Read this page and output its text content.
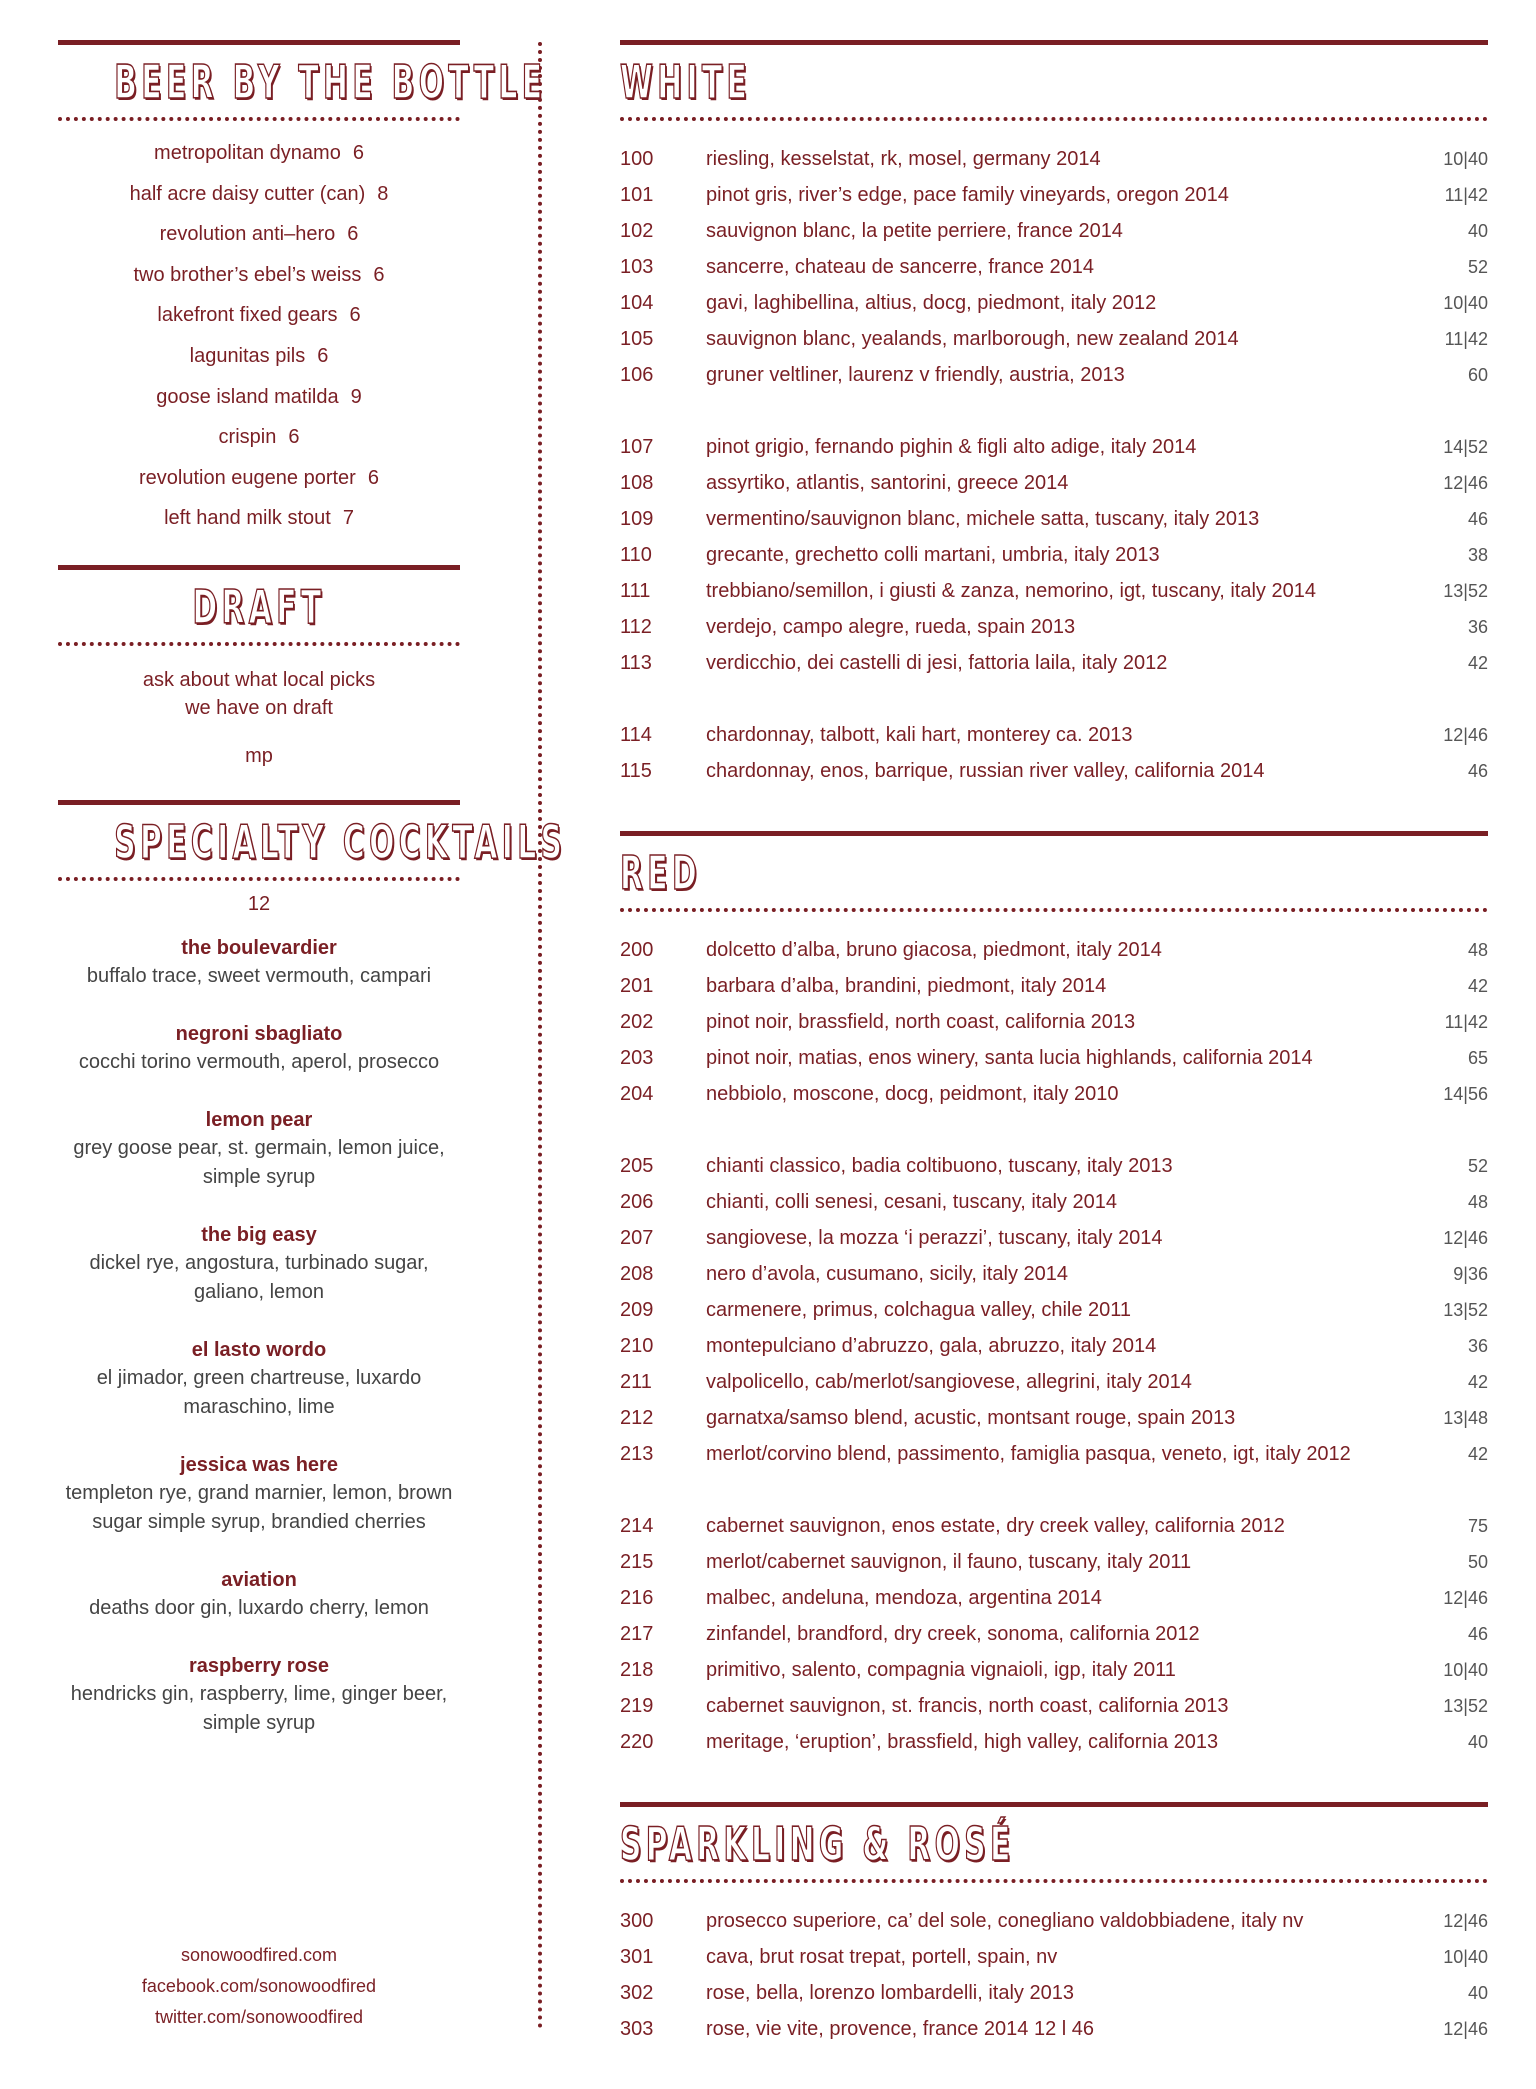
BEER BY THE BOTTLE
metropolitan dynamo 6
half acre daisy cutter (can) 8
revolution anti–hero 6
two brother’s ebel’s weiss 6
lakefront fixed gears 6
lagunitas pils 6
goose island matilda 9
crispin 6
revolution eugene porter 6
left hand milk stout 7
DRAFT
ask about what local picks
we have on draft
mp
SPECIALTY COCKTAILS
12
the boulevardier
buffalo trace, sweet vermouth, campari
negroni sbagliato
cocchi torino vermouth, aperol, prosecco
lemon pear
grey goose pear, st. germain, lemon juice, simple syrup
the big easy
dickel rye, angostura, turbinado sugar, galiano, lemon
el lasto wordo
el jimador, green chartreuse, luxardo maraschino, lime
jessica was here
templeton rye, grand marnier, lemon, brown sugar simple syrup, brandied cherries
aviation
deaths door gin, luxardo cherry, lemon
raspberry rose
hendricks gin, raspberry, lime, ginger beer, simple syrup
sonowoodfired.com
facebook.com/sonowoodfired
twitter.com/sonowoodfired
WHITE
100	riesling, kesselstat, rk, mosel, germany 2014	10|40
101	pinot gris, river’s edge, pace family vineyards, oregon 2014	11|42
102	sauvignon blanc, la petite perriere, france 2014	40
103	sancerre, chateau de sancerre, france 2014	52
104	gavi, laghibellina, altius, docg, piedmont, italy 2012	10|40
105	sauvignon blanc, yealands, marlborough, new zealand 2014	11|42
106	gruner veltliner, laurenz v friendly, austria, 2013	60
107	pinot grigio, fernando pighin & figli alto adige, italy 2014	14|52
108	assyrtiko, atlantis, santorini, greece 2014	12|46
109	vermentino/sauvignon blanc, michele satta, tuscany, italy 2013	46
110	grecante, grechetto colli martani, umbria, italy 2013	38
111	trebbiano/semillon, i giusti & zanza, nemorino, igt, tuscany, italy 2014	13|52
112	verdejo, campo alegre, rueda, spain 2013	36
113	verdicchio, dei castelli di jesi, fattoria laila, italy 2012	42
114	chardonnay, talbott, kali hart, monterey ca. 2013	12|46
115	chardonnay, enos, barrique, russian river valley, california 2014	46
RED
200	dolcetto d’alba, bruno giacosa, piedmont, italy 2014	48
201	barbara d’alba, brandini, piedmont, italy 2014	42
202	pinot noir, brassfield, north coast, california 2013	11|42
203	pinot noir, matias, enos winery, santa lucia highlands, california 2014	65
204	nebbiolo, moscone, docg, peidmont, italy 2010	14|56
205	chianti classico, badia coltibuono, tuscany, italy 2013	52
206	chianti, colli senesi, cesani, tuscany, italy 2014	48
207	sangiovese, la mozza ‘i perazzi’, tuscany, italy 2014	12|46
208	nero d’avola, cusumano, sicily, italy 2014	9|36
209	carmenere, primus, colchagua valley, chile 2011	13|52
210	montepulciano d’abruzzo, gala, abruzzo, italy 2014	36
211	valpolicello, cab/merlot/sangiovese, allegrini, italy 2014	42
212	garnatxa/samso blend, acustic, montsant rouge, spain 2013	13|48
213	merlot/corvino blend, passimento, famiglia pasqua, veneto, igt, italy 2012	42
214	cabernet sauvignon, enos estate, dry creek valley, california 2012	75
215	merlot/cabernet sauvignon, il fauno, tuscany, italy 2011	50
216	malbec, andeluna, mendoza, argentina 2014	12|46
217	zinfandel, brandford, dry creek, sonoma, california 2012	46
218	primitivo, salento, compagnia vignaioli, igp, italy 2011	10|40
219	cabernet sauvignon, st. francis, north coast, california 2013	13|52
220	meritage, ‘eruption’, brassfield, high valley, california 2013	40
SPARKLING & ROSÉ
300	prosecco superiore, ca’ del sole, conegliano valdobbiadene, italy nv	12|46
301	cava, brut rosat trepat, portell, spain, nv	10|40
302	rose, bella, lorenzo lombardelli, italy 2013	40
303	rose, vie vite, provence, france 2014 12 l 46	12|46
